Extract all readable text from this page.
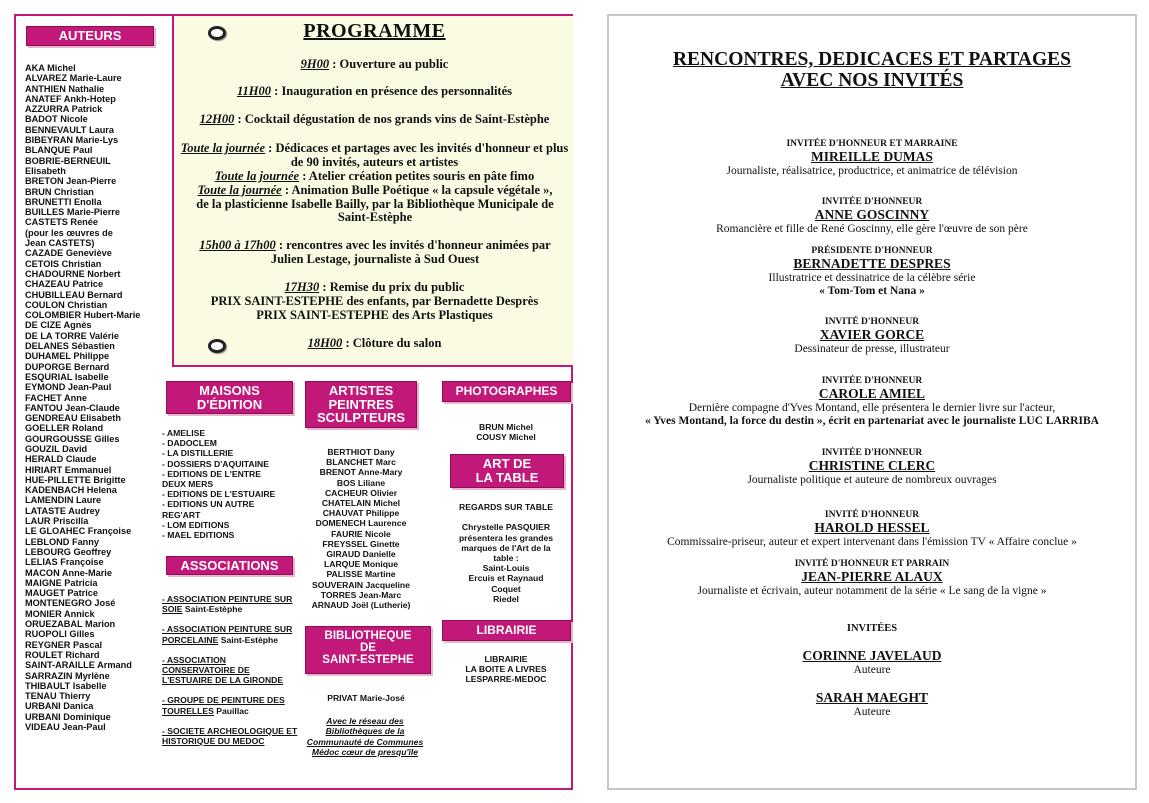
AUTEURS
AKA Michel
ALVAREZ Marie-Laure
ANTHIEN Nathalie
ANATEF Ankh-Hotep
AZZURRA Patrick
BADOT Nicole
BENNEVAULT Laura
BIBEYRAN Marie-Lys
BLANQUE Paul
BOBRIE-BERNEUIL
Elisabeth
BRETON Jean-Pierre
BRUN Christian
BRUNETTI Enolla
BUILLES Marie-Pierre
CASTETS Renée
(pour les œuvres de
Jean CASTETS)
CAZADE Geneviève
CETOIS Christian
CHADOURNE Norbert
CHAZEAU Patrice
CHUBILLEAU Bernard
COULON Christian
COLOMBIER Hubert-Marie
DE CIZE Agnès
DE LA TORRE Valérie
DELANES Sébastien
DUHAMEL Philippe
DUPORGE Bernard
ESQURIAL Isabelle
EYMOND Jean-Paul
FACHET Anne
FANTOU Jean-Claude
GENDREAU Elisabeth
GOELLER Roland
GOURGOUSSE Gilles
GOUZIL David
HERALD Claude
HIRIART Emmanuel
HUE-PILLETTE Brigitte
KADENBACH Helena
LAMENDIN Laure
LATASTE Audrey
LAUR Priscilla
LE GLOAHEC Françoise
LEBLOND Fanny
LEBOURG Geoffrey
LELIAS Françoise
MACON Anne-Marie
MAIGNE Patricia
MAUGET Patrice
MONTENEGRO José
MONIER Annick
ORUEZABAL Marion
RUOPOLI Gilles
REYGNER Pascal
ROULET Richard
SAINT-ARAILLE Armand
SARRAZIN Myrlène
THIBAULT Isabelle
TENAU Thierry
URBANI Danica
URBANI Dominique
VIDEAU Jean-Paul
PROGRAMME
9H00 : Ouverture au public
11H00 : Inauguration en présence des personnalités
12H00 : Cocktail dégustation de nos grands vins de Saint-Estèphe
Toute la journée : Dédicaces et partages avec les invités d'honneur et plus de 90 invités, auteurs et artistes
Toute la journée : Atelier création petites souris en pâte fimo
Toute la journée : Animation Bulle Poétique « la capsule végétale », de la plasticienne Isabelle Bailly, par la Bibliothèque Municipale de Saint-Estèphe
15h00 à 17h00 : rencontres avec les invités d'honneur animées par Julien Lestage, journaliste à Sud Ouest
17H30 : Remise du prix du public
PRIX SAINT-ESTEPHE des enfants, par Bernadette Desprès
PRIX SAINT-ESTEPHE des Arts Plastiques
18H00 : Clôture du salon
MAISONS
D'ÉDITION
- AMELISE
- DADOCLEM
- LA DISTILLERIE
- DOSSIERS D'AQUITAINE
- EDITIONS DE L'ENTRE
DEUX MERS
- EDITIONS DE L'ESTUAIRE
- EDITIONS UN AUTRE
REG'ART
- LOM EDITIONS
- MAEL EDITIONS
ASSOCIATIONS
- ASSOCIATION PEINTURE SUR SOIE Saint-Estèphe
- ASSOCIATION PEINTURE SUR PORCELAINE Saint-Estèphe
- ASSOCIATION CONSERVATOIRE DE L'ESTUAIRE DE LA GIRONDE
- GROUPE DE PEINTURE DES TOURELLES Pauillac
- SOCIETE ARCHEOLOGIQUE ET HISTORIQUE DU MEDOC
ARTISTES
PEINTRES
SCULPTEURS
BERTHIOT Dany
BLANCHET Marc
BRENOT Anne-Mary
BOS Liliane
CACHEUR Olivier
CHATELAIN Michel
CHAUVAT Philippe
DOMENECH Laurence
FAURIE Nicole
FREYSSEL Ginette
GIRAUD Danielle
LARQUE Monique
PALISSE Martine
SOUVERAIN Jacqueline
TORRES Jean-Marc
ARNAUD Joël (Lutherie)
BIBLIOTHEQUE
DE
SAINT-ESTEPHE
PRIVAT Marie-José
Avec le réseau des Bibliothèques de la Communauté de Communes Médoc cœur de presqu'île
PHOTOGRAPHES
BRUN Michel
COUSY Michel
ART DE
LA TABLE
REGARDS SUR TABLE

Chrystelle PASQUIER
présentera les grandes
marques de l'Art de la
table :
Saint-Louis
Ercuis et Raynaud
Coquet
Riedel
LIBRAIRIE
LIBRAIRIE
LA BOITE A LIVRES
LESPARRE-MEDOC
RENCONTRES, DEDICACES ET PARTAGES
AVEC NOS INVITÉS
INVITÉE D'HONNEUR ET MARRAINE
MIREILLE DUMAS
Journaliste, réalisatrice, productrice, et animatrice de télévision
INVITÉE D'HONNEUR
ANNE GOSCINNY
Romancière et fille de René Goscinny, elle gère l'œuvre de son père
PRÉSIDENTE D'HONNEUR
BERNADETTE DESPRES
Illustratrice et dessinatrice de la célèbre série
« Tom-Tom et Nana »
INVITÉ D'HONNEUR
XAVIER GORCE
Dessinateur de presse, illustrateur
INVITÉE D'HONNEUR
CAROLE AMIEL
Dernière compagne d'Yves Montand, elle présentera le dernier livre sur l'acteur,
« Yves Montand, la force du destin », écrit en partenariat avec le journaliste LUC LARRIBA
INVITÉE D'HONNEUR
CHRISTINE CLERC
Journaliste politique et auteure de nombreux ouvrages
INVITÉ D'HONNEUR
HAROLD HESSEL
Commissaire-priseur, auteur et expert intervenant dans l'émission TV « Affaire conclue »
INVITÉ D'HONNEUR ET PARRAIN
JEAN-PIERRE ALAUX
Journaliste et écrivain, auteur notamment de la série « Le sang de la vigne »
INVITÉES
CORINNE JAVELAUD
Auteure
SARAH MAEGHT
Auteure
